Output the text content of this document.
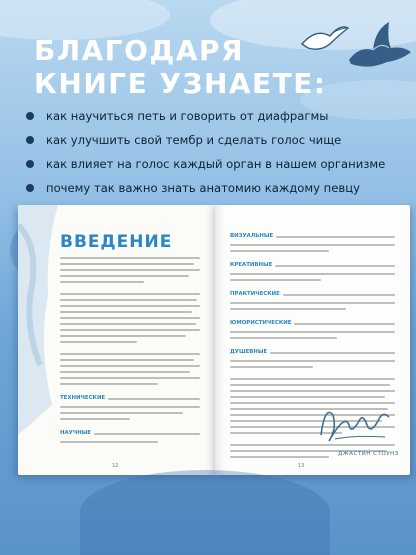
БЛАГОДАРЯ
КНИГЕ УЗНАЕТЕ:
как научиться петь и говорить от диафрагмы
как улучшить свой тембр и сделать голос чище
как влияет на голос каждый орган в нашем организме
почему так важно знать анатомию каждому певцу
ВВЕДЕНИЕ
ТЕХНИЧЕСКИЕ
НАУЧНЫЕ
ВИЗУАЛЬНЫЕ
КРЕАТИВНЫЕ
ПРАКТИЧЕСКИЕ
ЮМОРИСТИЧЕСКИЕ
ДУШЕВНЫЕ
12	13
ДЖАСТИН СТОУНЗ
